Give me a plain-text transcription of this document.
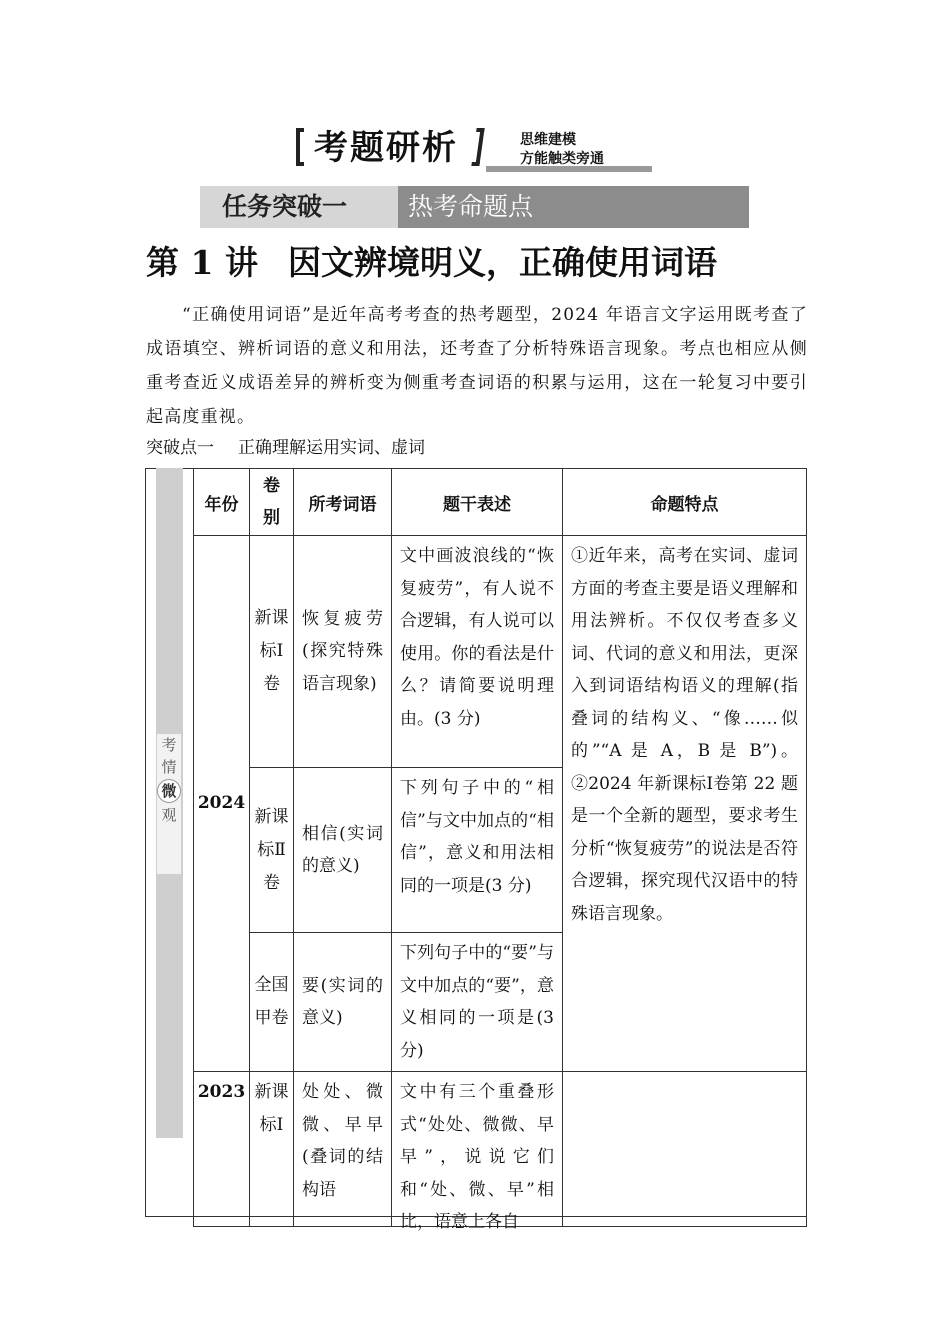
考题研析	思维建模
方能触类旁通
任务突破一	热考命题点
第 1 讲 因文辨境明义，正确使用词语
“正确使用词语”是近年高考考查的热考题型，2024 年语言文字运用既考查了成语填空、辨析词语的意义和用法，还考查了分析特殊语言现象。考点也相应从侧重考查近义成语差异的辨析变为侧重考查词语的积累与运用，这在一轮复习中要引起高度重视。
突破点一 正确理解运用实词、虚词
考
情
微
观
年份	卷别	所考词语	题干表述	命题特点
2024	新课标Ⅰ卷	恢复疲劳(探究特殊语言现象)	文中画波浪线的“恢复疲劳”，有人说不合逻辑，有人说可以使用。你的看法是什么？请简要说明理由。(3 分)	①近年来，高考在实词、虚词方面的考查主要是语义理解和用法辨析。不仅仅考查多义词、代词的意义和用法，更深入到词语结构语义的理解(指叠词的结构义、“像……似的”“A 是 A，B 是 B”)。②2024 年新课标Ⅰ卷第 22 题是一个全新的题型，要求考生分析“恢复疲劳”的说法是否符合逻辑，探究现代汉语中的特殊语言现象。
	新课标Ⅱ卷	相信(实词的意义)	下列句子中的“相信”与文中加点的“相信”，意义和用法相同的一项是(3 分)	
	全国甲卷	要(实词的意义)	下列句子中的“要”与文中加点的“要”，意义相同的一项是(3 分)	
2023	新课标Ⅰ	处处、微微、早早(叠词的结构语	文中有三个重叠形式“处处、微微、早早”，说说它们和“处、微、早”相比，语意上各自	
